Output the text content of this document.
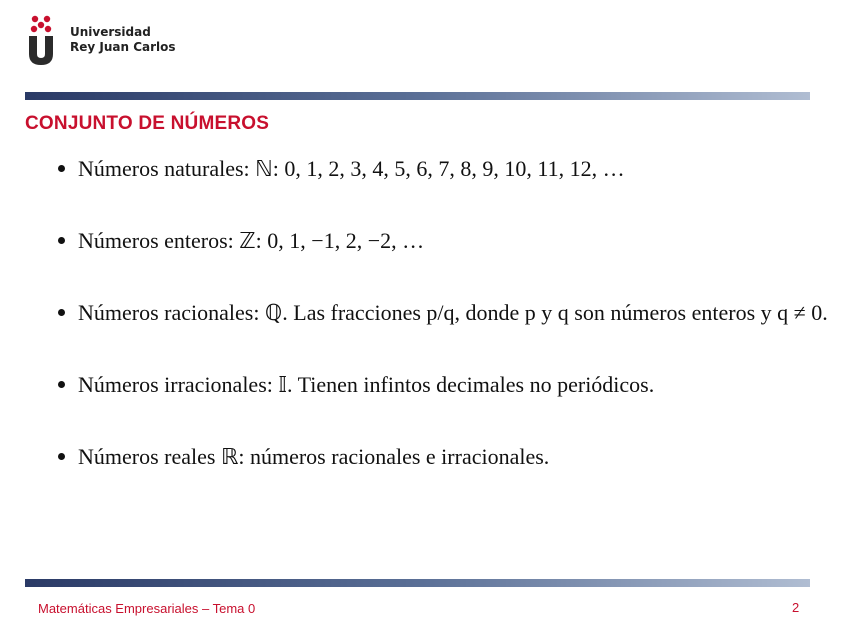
Universidad
Rey Juan Carlos
CONJUNTO DE NÚMEROS
Números naturales: ℕ: 0, 1, 2, 3, 4, 5, 6, 7, 8, 9, 10, 11, 12, …
Números enteros: ℤ: 0, 1, −1, 2, −2, …
Números racionales: ℚ. Las fracciones p/q, donde p y q son números enteros y q ≠ 0.
Números irracionales: 𝕀. Tienen infintos decimales no periódicos.
Números reales ℝ: números racionales e irracionales.
Matemáticas Empresariales – Tema 0	2
